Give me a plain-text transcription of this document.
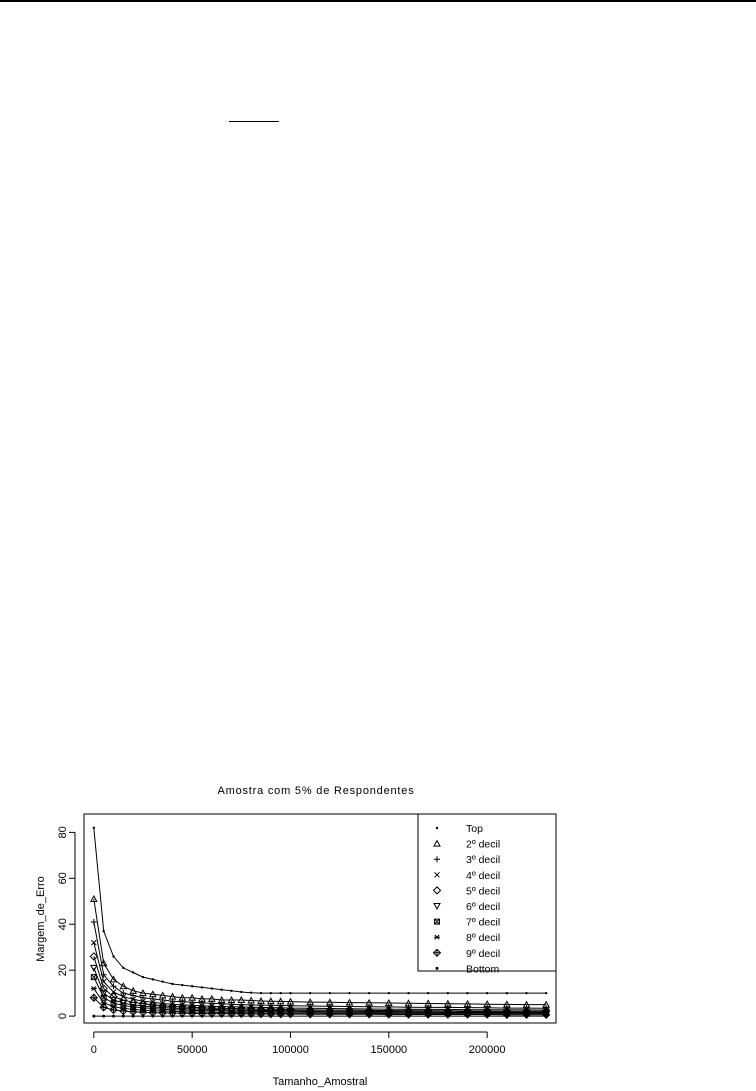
Amostra com 5% de Respondentes
0	50000	100000	150000	200000
0
20
40
60
80
Tamanho_Amostral
Margem_de_Erro
Top
2º decil
3º decil
4º decil
5º decil
6º decil
7º decil
8º decil
9º decil
Bottom
